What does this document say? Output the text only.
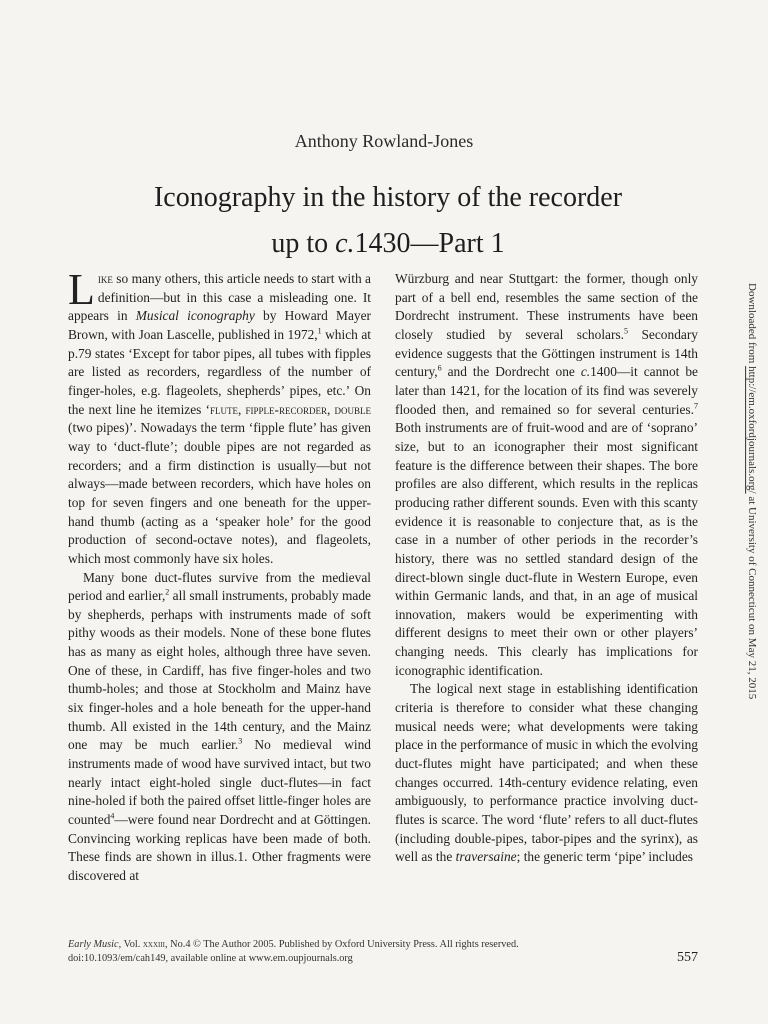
Anthony Rowland-Jones
Iconography in the history of the recorder
up to c.1430—Part 1

Like so many others, this article needs to start with a definition—but in this case a misleading one. It appears in Musical iconography by Howard Mayer Brown, with Joan Lascelle, published in 1972,$^1$ which at p.79 states ‘Except for tabor pipes, all tubes with fipples are listed as recorders, regardless of the number of finger-holes, e.g. flageolets, shepherds’ pipes, etc.’ On the next line he itemizes ‘flute, fipple-recorder, double (two pipes)’. Nowadays the term ‘fipple flute’ has given way to ‘duct-flute’; double pipes are not regarded as recorders; and a firm distinction is usually—but not always—made between recorders, which have holes on top for seven fingers and one beneath for the upper-hand thumb (acting as a ‘speaker hole’ for the good production of second-octave notes), and flageolets, which most commonly have six holes.

Many bone duct-flutes survive from the medieval period and earlier,$^2$ all small instruments, probably made by shepherds, perhaps with instruments made of soft pithy woods as their models. None of these bone flutes has as many as eight holes, although three have seven. One of these, in Cardiff, has five finger-holes and two thumb-holes; and those at Stockholm and Mainz have six finger-holes and a hole beneath for the upper-hand thumb. All existed in the 14th century, and the Mainz one may be much earlier.$^3$ No medieval wind instruments made of wood have survived intact, but two nearly intact eight-holed single duct-flutes—in fact nine-holed if both the paired offset little-finger holes are counted$^4$—were found near Dordrecht and at Göttingen. Convincing working replicas have been made of both. These finds are shown in illus.1. Other fragments were discovered at

Würzburg and near Stuttgart: the former, though only part of a bell end, resembles the same section of the Dordrecht instrument. These instruments have been closely studied by several scholars.$^5$ Secondary evidence suggests that the Göttingen instrument is 14th century,$^6$ and the Dordrecht one c.1400—it cannot be later than 1421, for the location of its find was severely flooded then, and remained so for several centuries.$^7$ Both instruments are of fruit-wood and are of ‘soprano’ size, but to an iconographer their most significant feature is the difference between their shapes. The bore profiles are also different, which results in the replicas producing rather different sounds. Even with this scanty evidence it is reasonable to conjecture that, as is the case in a number of other periods in the recorder’s history, there was no settled standard design of the direct-blown single duct-flute in Western Europe, even within Germanic lands, and that, in an age of musical innovation, makers would be experimenting with different designs to meet their own or other players’ changing needs. This clearly has implications for iconographic identification.

The logical next stage in establishing identification criteria is therefore to consider what these changing musical needs were; what developments were taking place in the performance of music in which the evolving duct-flutes might have participated; and when these changes occurred. 14th-century evidence relating, even ambiguously, to performance practice involving duct-flutes is scarce. The word ‘flute’ refers to all duct-flutes (including double-pipes, tabor-pipes and the syrinx), as well as the traversaine; the generic term ‘pipe’ includes

Early Music, Vol. xxxiii, No.4 © The Author 2005. Published by Oxford University Press. All rights reserved.
doi:10.1093/em/cah149, available online at www.em.oupjournals.org	557
Downloaded from http://em.oxfordjournals.org/ at University of Connecticut on May 21, 2015
